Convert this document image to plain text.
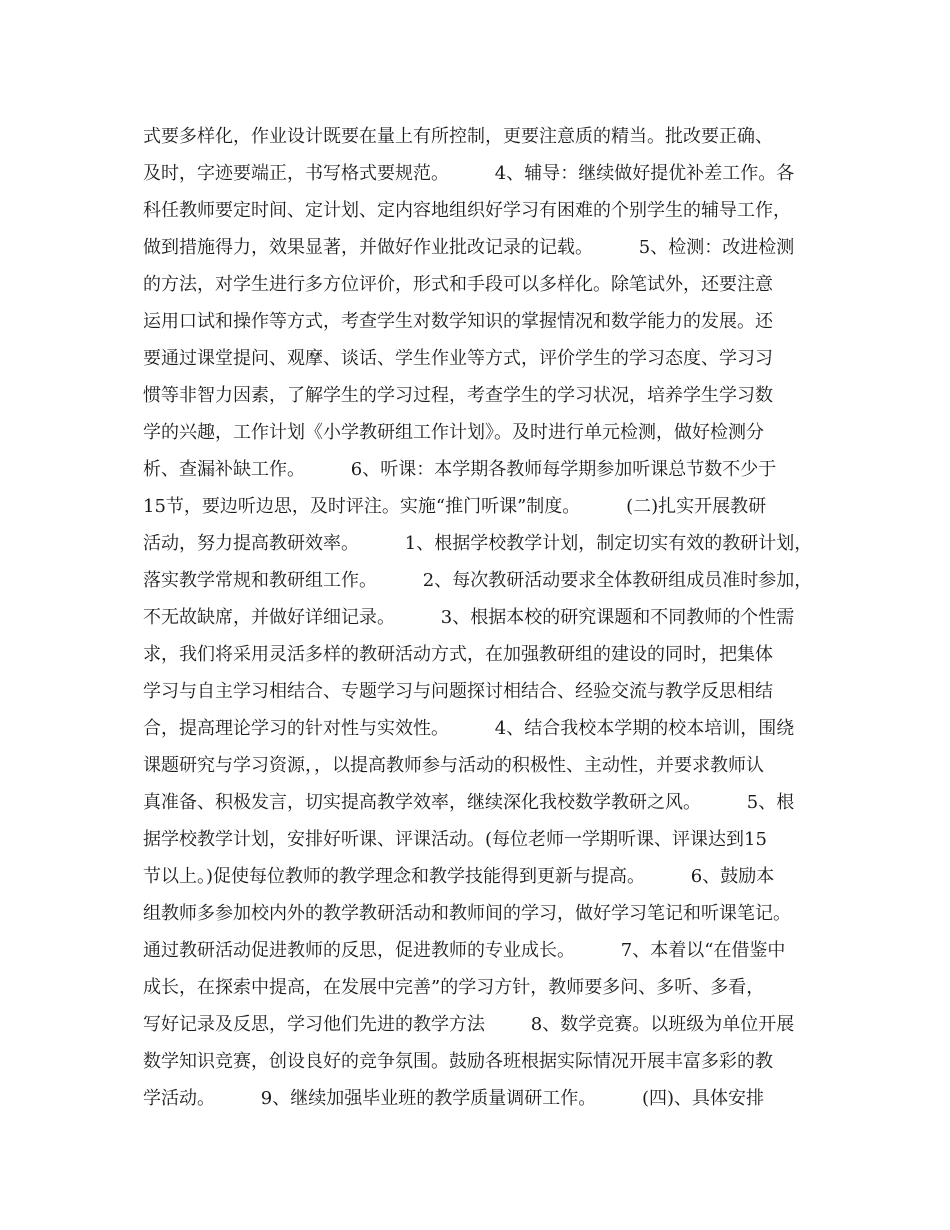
式要多样化，作业设计既要在量上有所控制，更要注意质的精当。批改要正确、
及时，字迹要端正，书写格式要规范。        4、辅导：继续做好提优补差工作。各
科任教师要定时间、定计划、定内容地组织好学习有困难的个别学生的辅导工作，
做到措施得力，效果显著，并做好作业批改记录的记载。        5、检测：改进检测
的方法，对学生进行多方位评价，形式和手段可以多样化。除笔试外，还要注意
运用口试和操作等方式，考查学生对数学知识的掌握情况和数学能力的发展。还
要通过课堂提问、观摩、谈话、学生作业等方式，评价学生的学习态度、学习习
惯等非智力因素，了解学生的学习过程，考查学生的学习状况，培养学生学习数
学的兴趣，工作计划《小学教研组工作计划》。及时进行单元检测，做好检测分
析、查漏补缺工作。        6、听课：本学期各教师每学期参加听课总节数不少于
15节，要边听边思，及时评注。实施“推门听课”制度。        (二)扎实开展教研
活动，努力提高教研效率。        1、根据学校教学计划，制定切实有效的教研计划，
落实教学常规和教研组工作。        2、每次教研活动要求全体教研组成员准时参加，
不无故缺席，并做好详细记录。        3、根据本校的研究课题和不同教师的个性需
求，我们将采用灵活多样的教研活动方式，在加强教研组的建设的同时，把集体
学习与自主学习相结合、专题学习与问题探讨相结合、经验交流与教学反思相结
合，提高理论学习的针对性与实效性。        4、结合我校本学期的校本培训，围绕
课题研究与学习资源，，以提高教师参与活动的积极性、主动性，并要求教师认
真准备、积极发言，切实提高教学效率，继续深化我校数学教研之风。        5、根
据学校教学计划，安排好听课、评课活动。(每位老师一学期听课、评课达到15
节以上。)促使每位教师的教学理念和教学技能得到更新与提高。        6、鼓励本
组教师多参加校内外的教学教研活动和教师间的学习，做好学习笔记和听课笔记。
通过教研活动促进教师的反思，促进教师的专业成长。        7、本着以“在借鉴中
成长，在探索中提高，在发展中完善”的学习方针，教师要多问、多听、多看，
写好记录及反思，学习他们先进的教学方法        8、数学竞赛。以班级为单位开展
数学知识竞赛，创设良好的竞争氛围。鼓励各班根据实际情况开展丰富多彩的教
学活动。        9、继续加强毕业班的教学质量调研工作。        (四)、具体安排
